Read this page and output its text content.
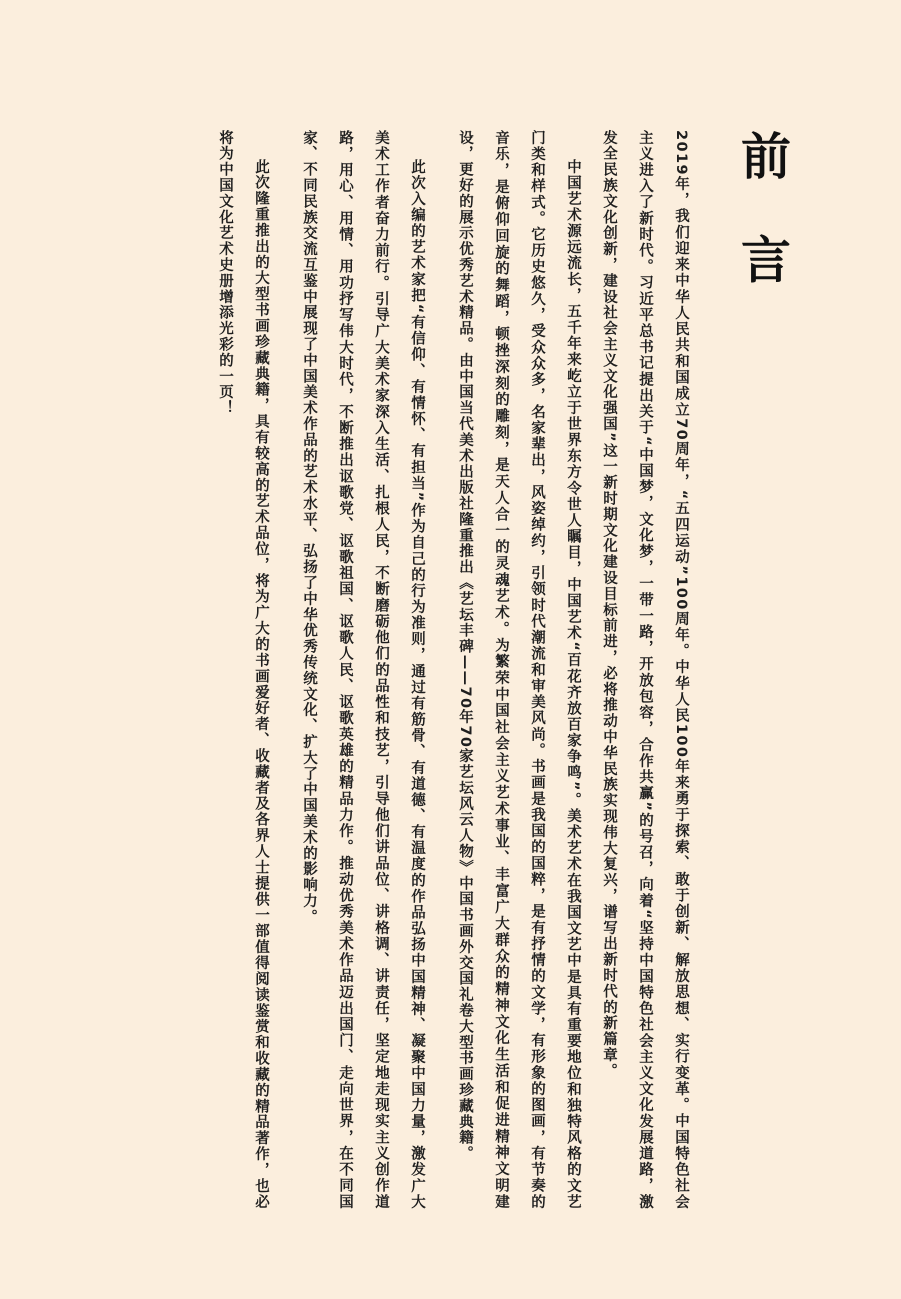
前 言

2019年，我们迎来中华人民共和国成立70周年，“五四运动”100周年。中华人民100年来勇于探索、敢于创新、解放思想、实行变革。中国特色社会主义进入了新时代。习近平总书记提出关于“中国梦，文化梦，一带一路，开放包容，合作共赢”的号召，向着“坚持中国特色社会主义文化发展道路，激发全民族文化创新，建设社会主义文化强国”这一新时期文化建设目标前进，必将推动中华民族实现伟大复兴，谱写出新时代的新篇章。

中国艺术源远流长，五千年来屹立于世界东方令世人瞩目，中国艺术“百花齐放百家争鸣”。美术艺术在我国文艺中是具有重要地位和独特风格的文艺门类和样式。它历史悠久，受众众多，名家辈出，风姿绰约，引领时代潮流和审美风尚。书画是我国的国粹，是有抒情的文学，有形象的图画，有节奏的音乐，是俯仰回旋的舞蹈，顿挫深刻的雕刻，是天人合一的灵魂艺术。为繁荣中国社会主义艺术事业、丰富广大群众的精神文化生活和促进精神文明建设，更好的展示优秀艺术精品。由中国当代美术出版社隆重推出《艺坛丰碑——70年70家艺坛风云人物》中国书画外交国礼卷大型书画珍藏典籍。

此次入编的艺术家把“有信仰、有情怀、有担当”作为自己的行为准则，通过有筋骨、有道德、有温度的作品弘扬中国精神、凝聚中国力量，激发广大美术工作者奋力前行。引导广大美术家深入生活、扎根人民，不断磨砺他们的品性和技艺，引导他们讲品位、讲格调、讲责任，坚定地走现实主义创作道路，用心、用情、用功抒写伟大时代，不断推出讴歌党、讴歌祖国、讴歌人民、讴歌英雄的精品力作。推动优秀美术作品迈出国门、走向世界，在不同国家、不同民族交流互鉴中展现了中国美术作品的艺术水平、弘扬了中华优秀传统文化、扩大了中国美术的影响力。

此次隆重推出的大型书画珍藏典籍，具有较高的艺术品位，将为广大的书画爱好者、收藏者及各界人士提供一部值得阅读鉴赏和收藏的精品著作，也必将为中国文化艺术史册增添光彩的一页！
